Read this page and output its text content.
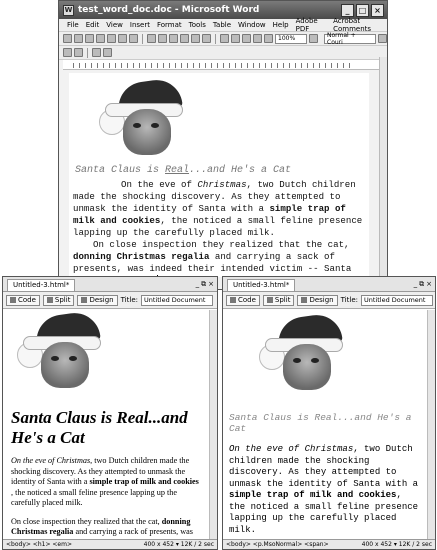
W test_word_doc.doc - Microsoft Word	_	□ ×
File Edit View Insert Format Tools Table Window Help Adobe PDF
Acrobat Comments
100%	Normal + Couri
Santa Claus is Real...and He's a Cat

On the eve of Christmas, two Dutch children made the shocking discovery. As they attempted to unmask the identity of Santa with a simple trap of milk and cookies, the noticed a small feline presence lapping up the carefully placed milk.

On close inspection they realized that the cat, donning Christmas regalia and carrying a sack of presents, was indeed their intended victim -- Santa

Untitled-3.html*	_ ⧉ ×
Code	Split	Design Title: Untitled Document
Santa Claus is Real...and He's a Cat

On the eve of Christmas, two Dutch children made the shocking discovery. As they attempted to unmask the identity of Santa with a simple trap of milk and cookies , the noticed a small feline presence lapping up the carefully placed milk.

On close inspection they realized that the cat, donning Christmas regalia and carrying a rack of presents, was

<body> <h1> <em>	400 x 452 ▾ 12K / 2 sec
Untitled-3.html*	_ ⧉ ×
Code	Split	Design Title: Untitled Document
Santa Claus is Real...and He's a Cat

On the eve of Christmas, two Dutch children made the shocking discovery. As they attempted to unmask the identity of Santa with a simple trap of milk and cookies, the noticed a small feline presence lapping up the carefully placed milk.

<body> <p.MsoNormal> <span>	400 x 452 ▾ 12K / 2 sec
